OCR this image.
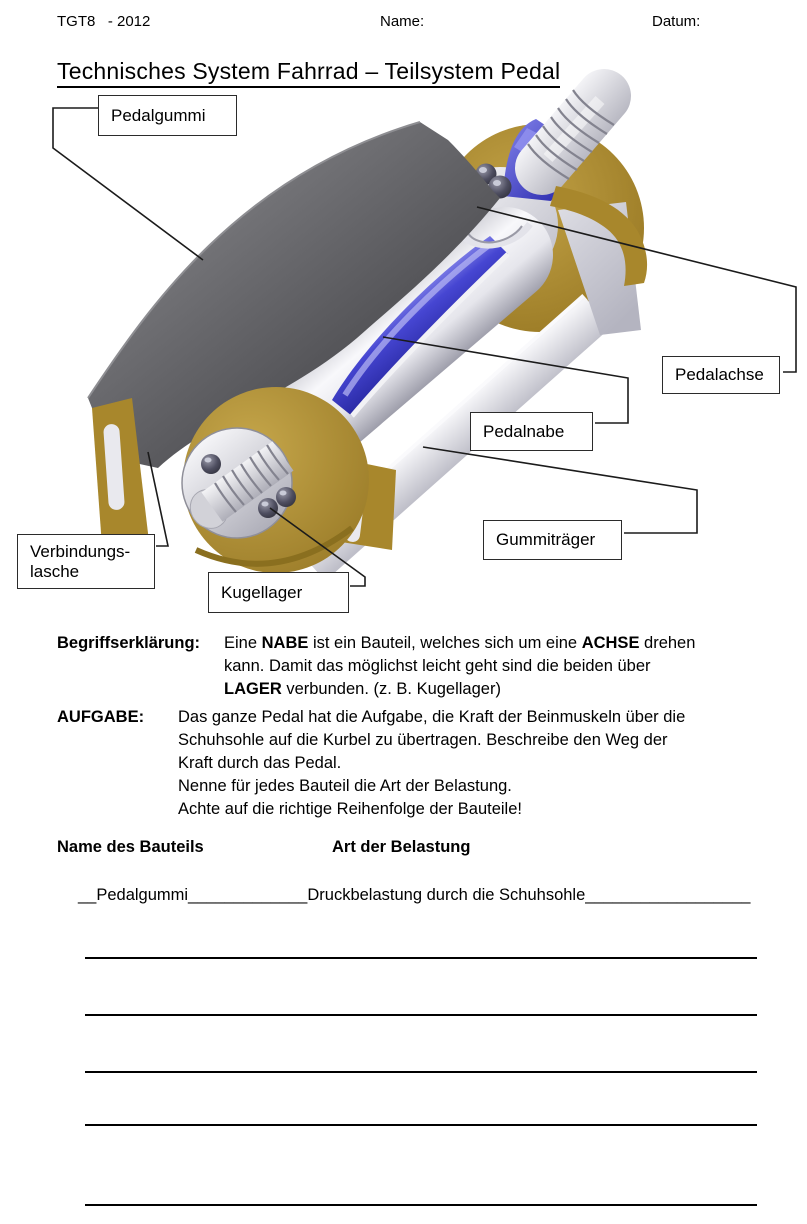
TGT8   - 2012	Name:	Datum:
Technisches System Fahrrad – Teilsystem Pedal
Pedalgummi
Pedalachse
Pedalnabe
Gummiträger
Verbindungs-
lasche
Kugellager
Begriffserklärung: Eine NABE ist ein Bauteil, welches sich um eine ACHSE drehen
kann. Damit das möglichst leicht geht sind die beiden über
LAGER verbunden. (z. B. Kugellager)
AUFGABE: Das ganze Pedal hat die Aufgabe, die Kraft der Beinmuskeln über die
Schuhsohle auf die Kurbel zu übertragen. Beschreibe den Weg der
Kraft durch das Pedal.
Nenne für jedes Bauteil die Art der Belastung.
Achte auf die richtige Reihenfolge der Bauteile!
Name des Bauteils	Art der Belastung
__Pedalgummi_____________Druckbelastung durch die Schuhsohle__________________
